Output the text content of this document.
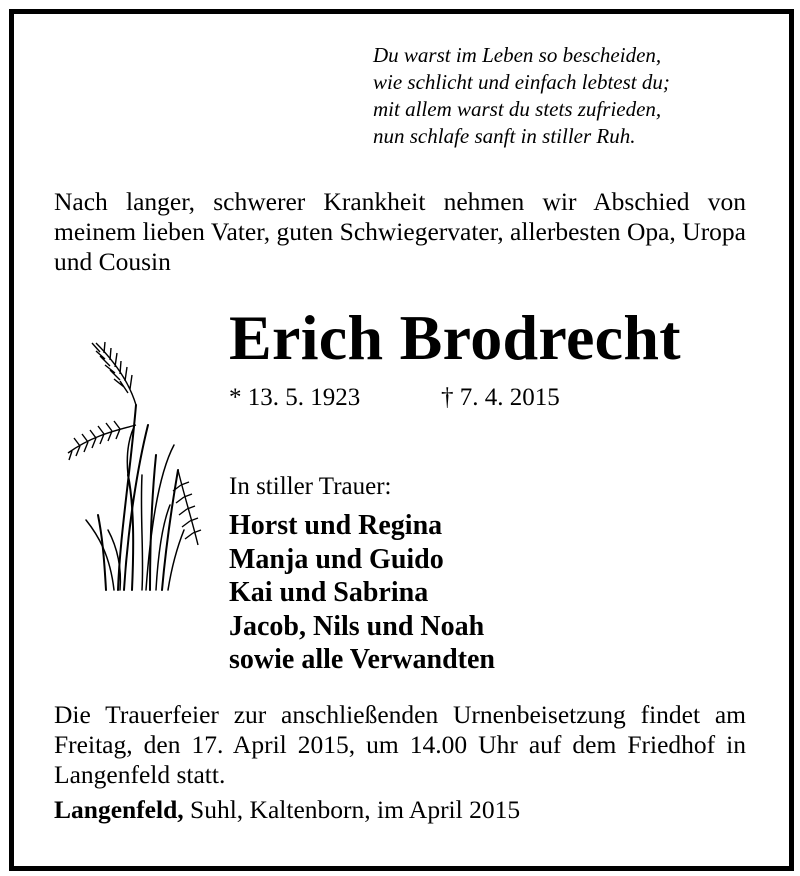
Du warst im Leben so bescheiden,
wie schlicht und einfach lebtest du;
mit allem warst du stets zufrieden,
nun schlafe sanft in stiller Ruh.
Nach langer, schwerer Krankheit nehmen wir Abschied von meinem lieben Vater, guten Schwiegervater, allerbesten Opa, Uropa und Cousin
Erich Brodrecht
* 13. 5. 1923	† 7. 4. 2015
In stiller Trauer:
Horst und Regina
Manja und Guido
Kai und Sabrina
Jacob, Nils und Noah
sowie alle Verwandten
Die Trauerfeier zur anschließenden Urnenbeisetzung findet am Freitag, den 17. April 2015, um 14.00 Uhr auf dem Friedhof in Langenfeld statt.
Langenfeld, Suhl, Kaltenborn, im April 2015
